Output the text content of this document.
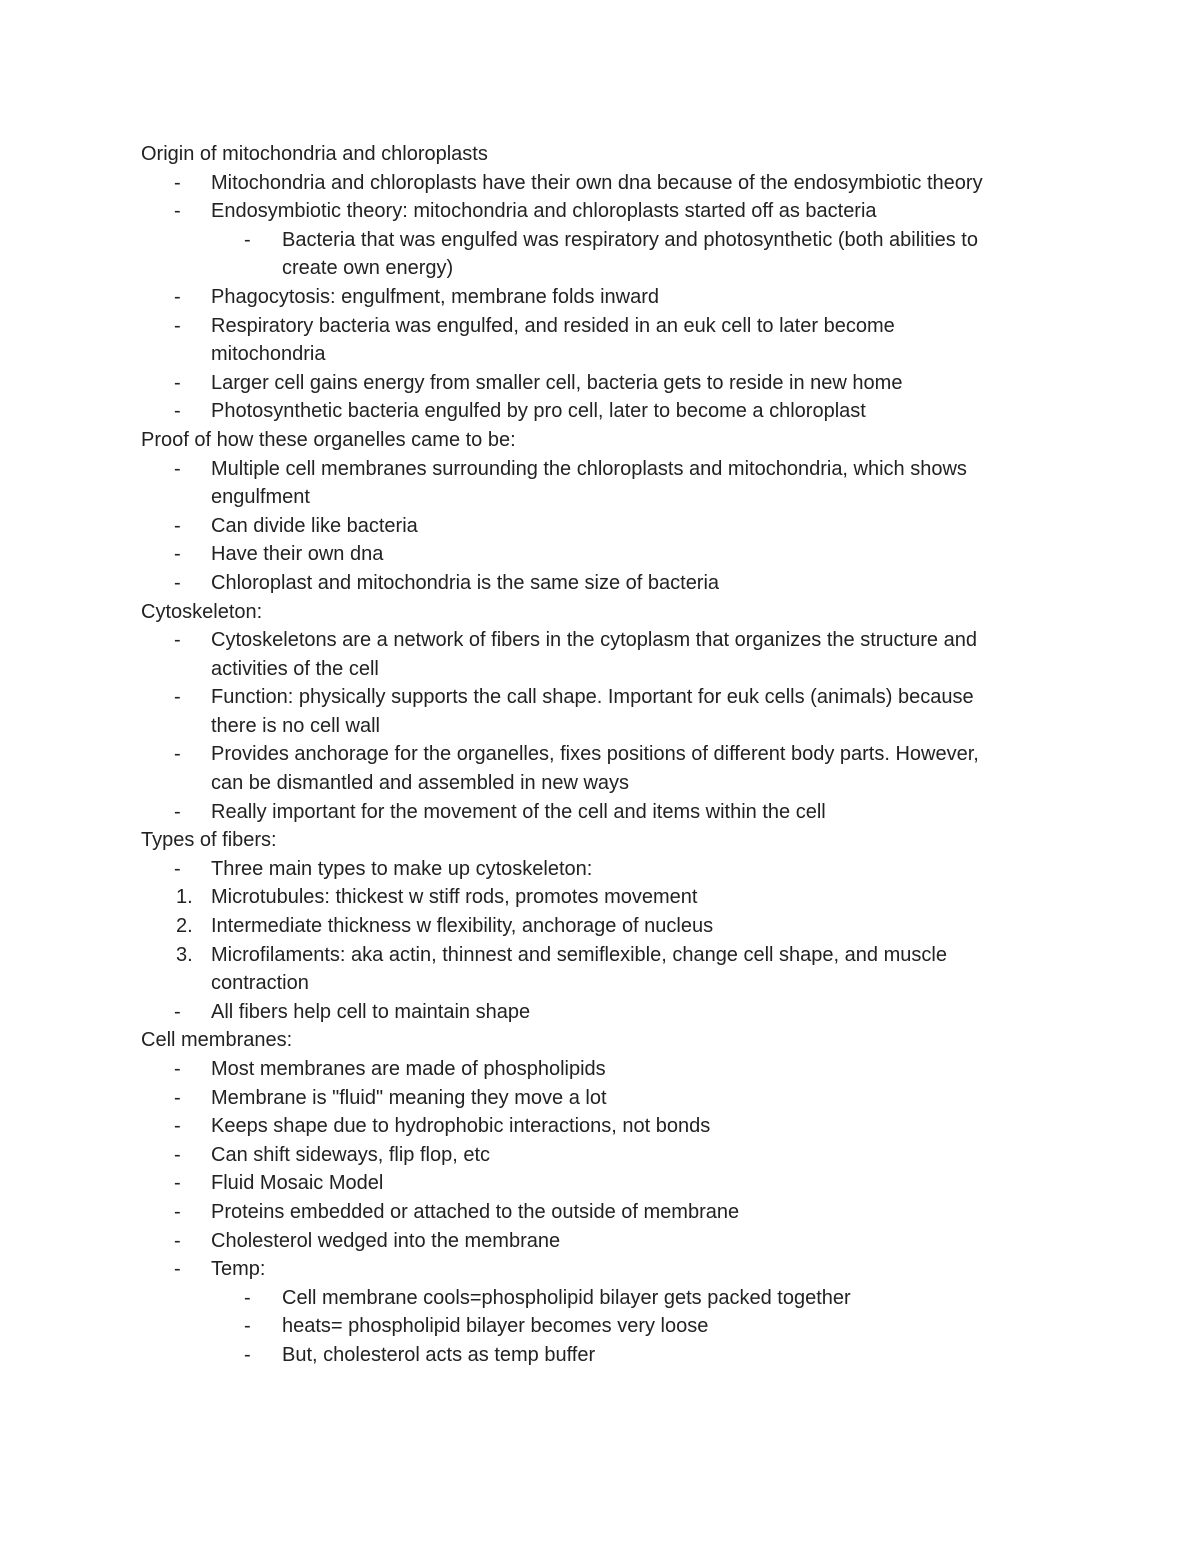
Origin of mitochondria and chloroplasts
- Mitochondria and chloroplasts have their own dna because of the endosymbiotic theory
- Endosymbiotic theory: mitochondria and chloroplasts started off as bacteria
- Bacteria that was engulfed was respiratory and photosynthetic (both abilities to
create own energy)
- Phagocytosis: engulfment, membrane folds inward
- Respiratory bacteria was engulfed, and resided in an euk cell to later become
mitochondria
- Larger cell gains energy from smaller cell, bacteria gets to reside in new home
- Photosynthetic bacteria engulfed by pro cell, later to become a chloroplast
Proof of how these organelles came to be:
- Multiple cell membranes surrounding the chloroplasts and mitochondria, which shows
engulfment
- Can divide like bacteria
- Have their own dna
- Chloroplast and mitochondria is the same size of bacteria
Cytoskeleton:
- Cytoskeletons are a network of fibers in the cytoplasm that organizes the structure and
activities of the cell
- Function: physically supports the call shape. Important for euk cells (animals) because
there is no cell wall
- Provides anchorage for the organelles, fixes positions of different body parts. However,
can be dismantled and assembled in new ways
- Really important for the movement of the cell and items within the cell
Types of fibers:
- Three main types to make up cytoskeleton:
1. Microtubules: thickest w stiff rods, promotes movement
2. Intermediate thickness w flexibility, anchorage of nucleus
3. Microfilaments: aka actin, thinnest and semiflexible, change cell shape, and muscle
contraction
- All fibers help cell to maintain shape
Cell membranes:
- Most membranes are made of phospholipids
- Membrane is "fluid" meaning they move a lot
- Keeps shape due to hydrophobic interactions, not bonds
- Can shift sideways, flip flop, etc
- Fluid Mosaic Model
- Proteins embedded or attached to the outside of membrane
- Cholesterol wedged into the membrane
- Temp:
- Cell membrane cools=phospholipid bilayer gets packed together
- heats= phospholipid bilayer becomes very loose
- But, cholesterol acts as temp buffer
